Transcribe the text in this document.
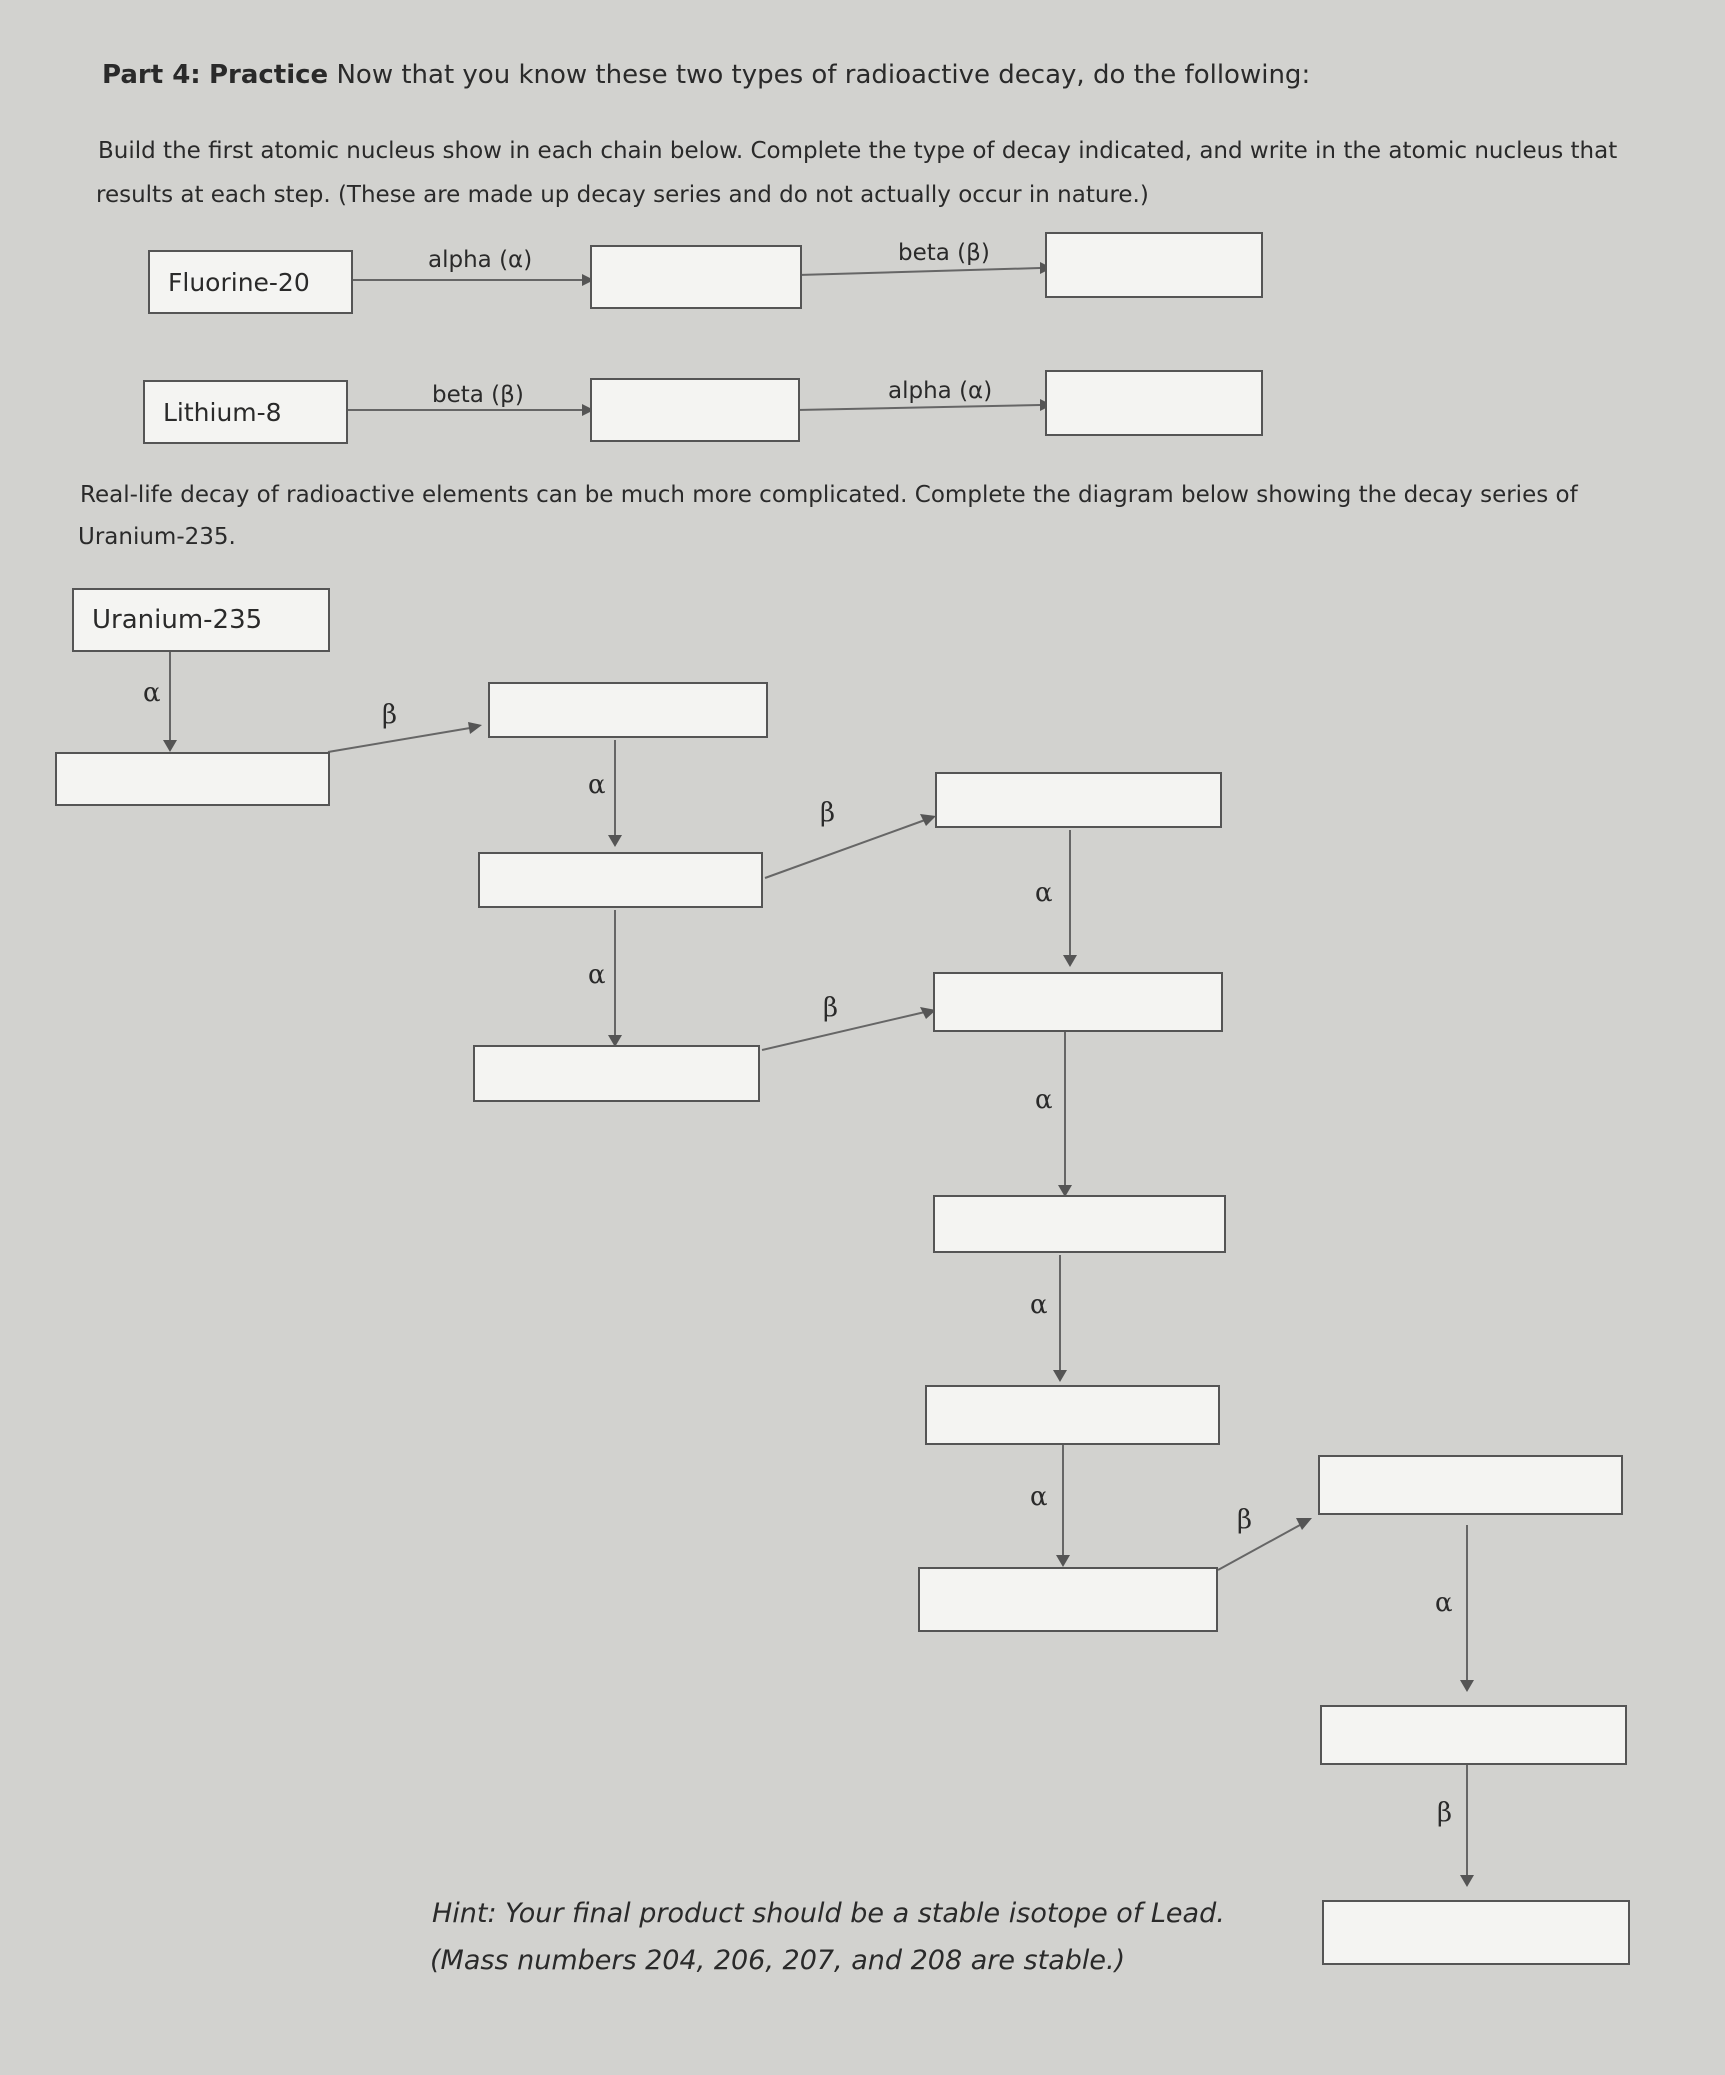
Part 4: Practice Now that you know these two types of radioactive decay, do the following:
Build the first atomic nucleus show in each chain below. Complete the type of decay indicated, and write in the atomic nucleus that
results at each step. (These are made up decay series and do not actually occur in nature.)
Fluorine-20
alpha (α)	beta (β)
Lithium-8
beta (β)	alpha (α)
Real-life decay of radioactive elements can be much more complicated. Complete the diagram below showing the decay series of
Uranium-235.
Uranium-235
α
β
α
β
α
α
β
α
α
α
β
α
β
Hint: Your final product should be a stable isotope of Lead.
(Mass numbers 204, 206, 207, and 208 are stable.)
